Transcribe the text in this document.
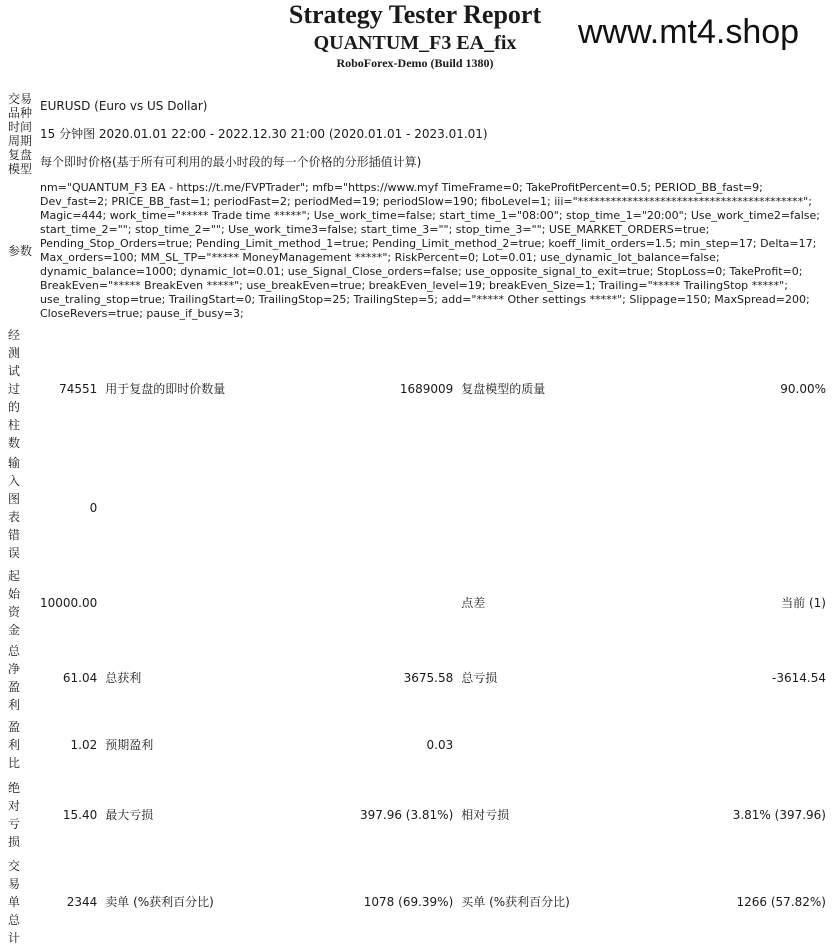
Strategy Tester Report
QUANTUM_F3 EA_fix
RoboForex-Demo (Build 1380)
www.mt4.shop
交易品种	EURUSD (Euro vs US Dollar)				
时间周期	15 分钟图 2020.01.01 22:00 - 2022.12.30 21:00 (2020.01.01 - 2023.01.01)				
复盘模型	每个即时价格(基于所有可利用的最小时段的每一个价格的分形插值计算)				
参数	nm="QUANTUM_F3 EA - https://t.me/FVPTrader"; mfb="https://www.myf TimeFrame=0; TakeProfitPercent=0.5; PERIOD_BB_fast=9; Dev_fast=2; PRICE_BB_fast=1; periodFast=2; periodMed=19; periodSlow=190; fiboLevel=1; iii="*****************************************"; Magic=444; work_time="***** Trade time *****"; Use_work_time=false; start_time_1="08:00"; stop_time_1="20:00"; Use_work_time2=false; start_time_2=""; stop_time_2=""; Use_work_time3=false; start_time_3=""; stop_time_3=""; USE_MARKET_ORDERS=true; Pending_Stop_Orders=true; Pending_Limit_method_1=true; Pending_Limit_method_2=true; koeff_limit_orders=1.5; min_step=17; Delta=17; Max_orders=100; MM_SL_TP="***** MoneyManagement *****"; RiskPercent=0; Lot=0.01; use_dynamic_lot_balance=false; dynamic_balance=1000; dynamic_lot=0.01; use_Signal_Close_orders=false; use_opposite_signal_to_exit=true; StopLoss=0; TakeProfit=0; BreakEven="***** BreakEven *****"; use_breakEven=true; breakEven_level=19; breakEven_Size=1; Trailing="***** TrailingStop *****"; use_traling_stop=true; TrailingStart=0; TrailingStop=25; TrailingStep=5; add="***** Other settings *****"; Slippage=150; MaxSpread=200; CloseRevers=true; pause_if_busy=3;				

经测试过的柱数	74551	用于复盘的即时价数量	1689009	复盘模型的质量	90.00%

输入图表错误	0				

起始资金	10000.00			点差	当前 (1)

总净盈利	61.04	总获利	3675.58	总亏损	-3614.54

盈利比	1.02	预期盈利	0.03		

绝对亏损	15.40	最大亏损	397.96 (3.81%)	相对亏损	3.81% (397.96)

交易单总计	2344	卖单 (%获利百分比)	1078 (69.39%)	买单 (%获利百分比)	1266 (57.82%)
